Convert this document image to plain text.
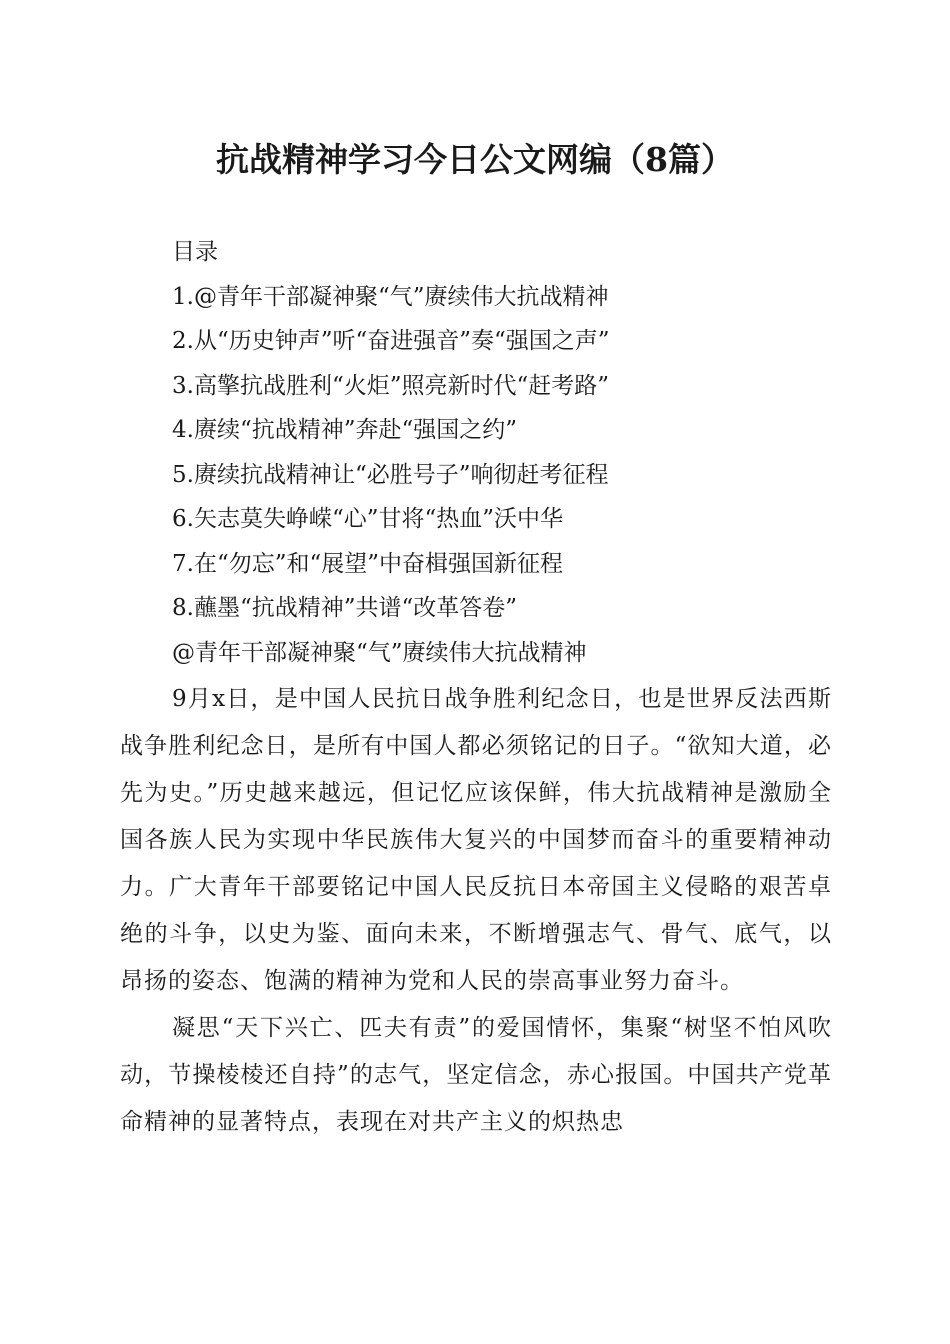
抗战精神学习今日公文网编（8篇）
目录
1.@青年干部凝神聚“气”赓续伟大抗战精神
2.从“历史钟声”听“奋进强音”奏“强国之声”
3.高擎抗战胜利“火炬”照亮新时代“赶考路”
4.赓续“抗战精神”奔赴“强国之约”
5.赓续抗战精神让“必胜号子”响彻赶考征程
6.矢志莫失峥嵘“心”甘将“热血”沃中华
7.在“勿忘”和“展望”中奋楫强国新征程
8.蘸墨“抗战精神”共谱“改革答卷”
@青年干部凝神聚“气”赓续伟大抗战精神

9月x日，是中国人民抗日战争胜利纪念日，也是世界反法西斯战争胜利纪念日，是所有中国人都必须铭记的日子。“欲知大道，必先为史。”历史越来越远，但记忆应该保鲜，伟大抗战精神是激励全国各族人民为实现中华民族伟大复兴的中国梦而奋斗的重要精神动力。广大青年干部要铭记中国人民反抗日本帝国主义侵略的艰苦卓绝的斗争，以史为鉴、面向未来，不断增强志气、骨气、底气，以昂扬的姿态、饱满的精神为党和人民的崇高事业努力奋斗。

凝思“天下兴亡、匹夫有责”的爱国情怀，集聚“树坚不怕风吹动，节操棱棱还自持”的志气，坚定信念，赤心报国。中国共产党革命精神的显著特点，表现在对共产主义的炽热忠
